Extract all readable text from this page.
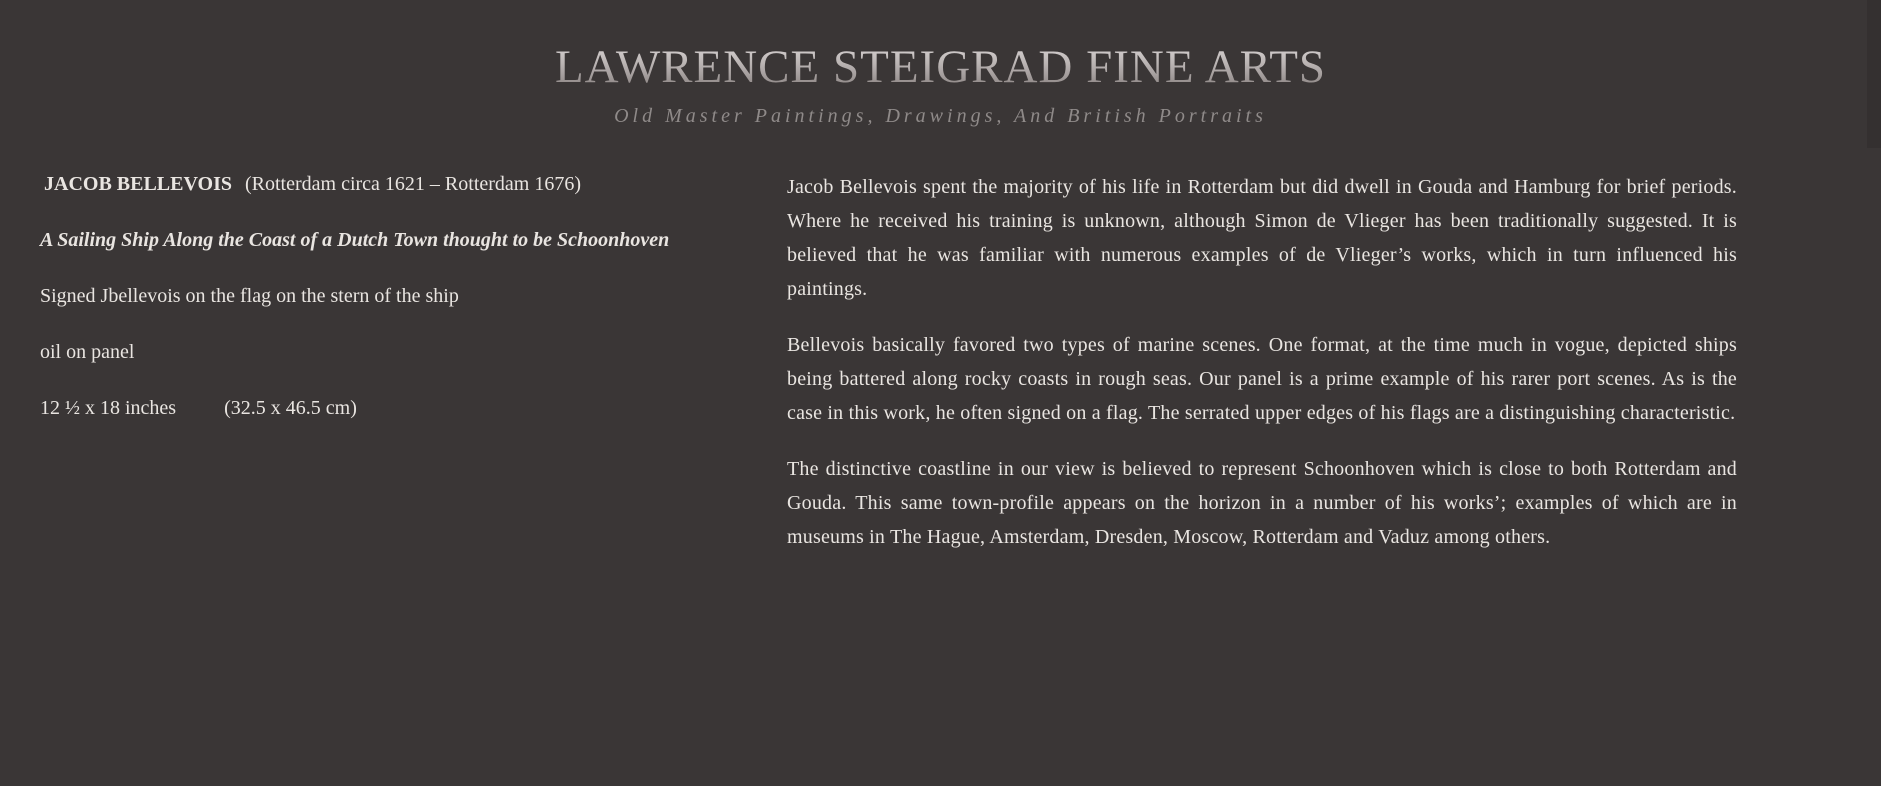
LAWRENCE STEIGRAD FINE ARTS
Old Master Paintings, Drawings, And British Portraits
JACOB BELLEVOIS (Rotterdam circa 1621 – Rotterdam 1676)
A Sailing Ship Along the Coast of a Dutch Town thought to be Schoonhoven
Signed Jbellevois on the flag on the stern of the ship
oil on panel
12 ½ x 18 inches (32.5 x 46.5 cm)

Jacob Bellevois spent the majority of his life in Rotterdam but did dwell in Gouda and Hamburg for brief periods. Where he received his training is unknown, although Simon de Vlieger has been traditionally suggested. It is believed that he was familiar with numerous examples of de Vlieger’s works, which in turn influenced his paintings.

Bellevois basically favored two types of marine scenes. One format, at the time much in vogue, depicted ships being battered along rocky coasts in rough seas. Our panel is a prime example of his rarer port scenes. As is the case in this work, he often signed on a flag. The serrated upper edges of his flags are a distinguishing characteristic.

The distinctive coastline in our view is believed to represent Schoonhoven which is close to both Rotterdam and Gouda. This same town-profile appears on the horizon in a number of his works’; examples of which are in museums in The Hague, Amsterdam, Dresden, Moscow, Rotterdam and Vaduz among others.
